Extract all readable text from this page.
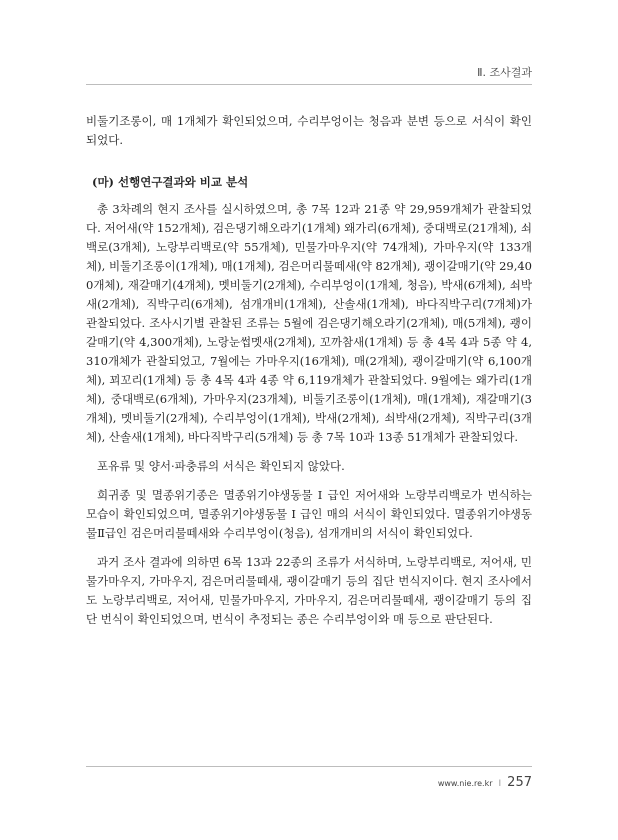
Ⅱ. 조사결과

비둘기조롱이, 매 1개체가 확인되었으며, 수리부엉이는 청음과 분변 등으로 서식이 확인되었다.

(마) 선행연구결과와 비교 분석

총 3차례의 현지 조사를 실시하였으며, 총 7목 12과 21종 약 29,959개체가 관찰되었다. 저어새(약 152개체), 검은댕기해오라기(1개체) 왜가리(6개체), 중대백로(21개체), 쇠백로(3개체), 노랑부리백로(약 55개체), 민물가마우지(약 74개체), 가마우지(약 133개체), 비둘기조롱이(1개체), 매(1개체), 검은머리물떼새(약 82개체), 괭이갈매기(약 29,400개체), 재갈매기(4개체), 멧비둘기(2개체), 수리부엉이(1개체, 청음), 박새(6개체), 쇠박새(2개체), 직박구리(6개체), 섬개개비(1개체), 산솔새(1개체), 바다직박구리(7개체)가 관찰되었다. 조사시기별 관찰된 조류는 5월에 검은댕기해오라기(2개체), 매(5개체), 괭이갈매기(약 4,300개체), 노랑눈썹멧새(2개체), 꼬까참새(1개체) 등 총 4목 4과 5종 약 4,310개체가 관찰되었고, 7월에는 가마우지(16개체), 매(2개체), 괭이갈매기(약 6,100개체), 꾀꼬리(1개체) 등 총 4목 4과 4종 약 6,119개체가 관찰되었다. 9월에는 왜가리(1개체), 중대백로(6개체), 가마우지(23개체), 비둘기조롱이(1개체), 매(1개체), 재갈매기(3개체), 멧비둘기(2개체), 수리부엉이(1개체), 박새(2개체), 쇠박새(2개체), 직박구리(3개체), 산솔새(1개체), 바다직박구리(5개체) 등 총 7목 10과 13종 51개체가 관찰되었다.

포유류 및 양서·파충류의 서식은 확인되지 않았다.

희귀종 및 멸종위기종은 멸종위기야생동물 I 급인 저어새와 노랑부리백로가 번식하는 모습이 확인되었으며, 멸종위기야생동물 I 급인 매의 서식이 확인되었다. 멸종위기야생동물Ⅱ급인 검은머리물떼새와 수리부엉이(청음), 섬개개비의 서식이 확인되었다.

과거 조사 결과에 의하면 6목 13과 22종의 조류가 서식하며, 노랑부리백로, 저어새, 민물가마우지, 가마우지, 검은머리물떼새, 괭이갈매기 등의 집단 번식지이다. 현지 조사에서도 노랑부리백로, 저어새, 민물가마우지, 가마우지, 검은머리물떼새, 괭이갈매기 등의 집단 번식이 확인되었으며, 번식이 추정되는 종은 수리부엉이와 매 등으로 판단된다.

www.nie.re.kr I 257
